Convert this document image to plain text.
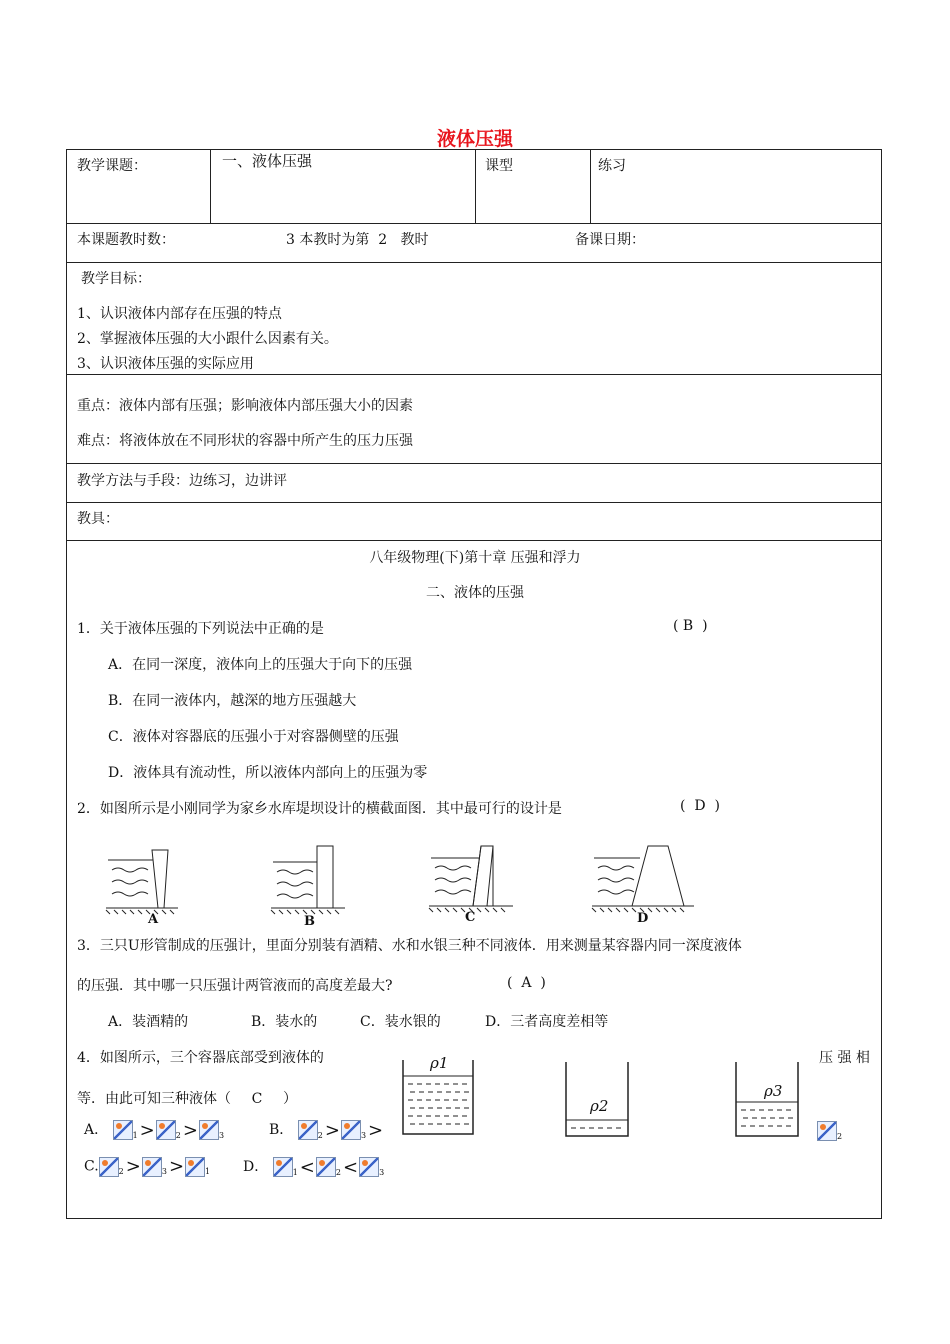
液体压强
教学课题：	一、液体压强	课型	练习
本课题教时数：	3 本教时为第  2   教时	备课日期：
教学目标：
1、认识液体内部存在压强的特点
2、掌握液体压强的大小跟什么因素有关。
3、认识液体压强的实际应用
重点：液体内部有压强；影响液体内部压强大小的因素
难点：将液体放在不同形状的容器中所产生的压力压强
教学方法与手段：边练习，边讲评
教具：
八年级物理(下)第十章 压强和浮力
二、液体的压强
1．关于液体压强的下列说法中正确的是	( B  )
A．在同一深度，液体向上的压强大于向下的压强
B．在同一液体内，越深的地方压强越大
C．液体对容器底的压强小于对容器侧壁的压强
D．液体具有流动性，所以液体内部向上的压强为零
2．如图所示是小刚同学为家乡水库堤坝设计的横截面图．其中最可行的设计是	(  D  )
A	B	C	D
3．三只U形管制成的压强计，里面分别装有酒精、水和水银三种不同液体．用来测量某容器内同一深度液体
的压强．其中哪一只压强计两管液而的高度差最大?	(  A  )
A．装酒精的	B．装水的	C．装水银的	D．三者高度差相等
4．如图所示，三个容器底部受到液体的	压 强 相
等．由此可知三种液体（ C ）
ρ1
ρ2
ρ3
A．	$_1$ >	$_2$ >	$_3$	B．	$_2$ >	$_3$ >	$_2$
C.	$_2$ >	$_3$ >	$_1$ D．	$_1$ <	$_2$ <	$_3$
